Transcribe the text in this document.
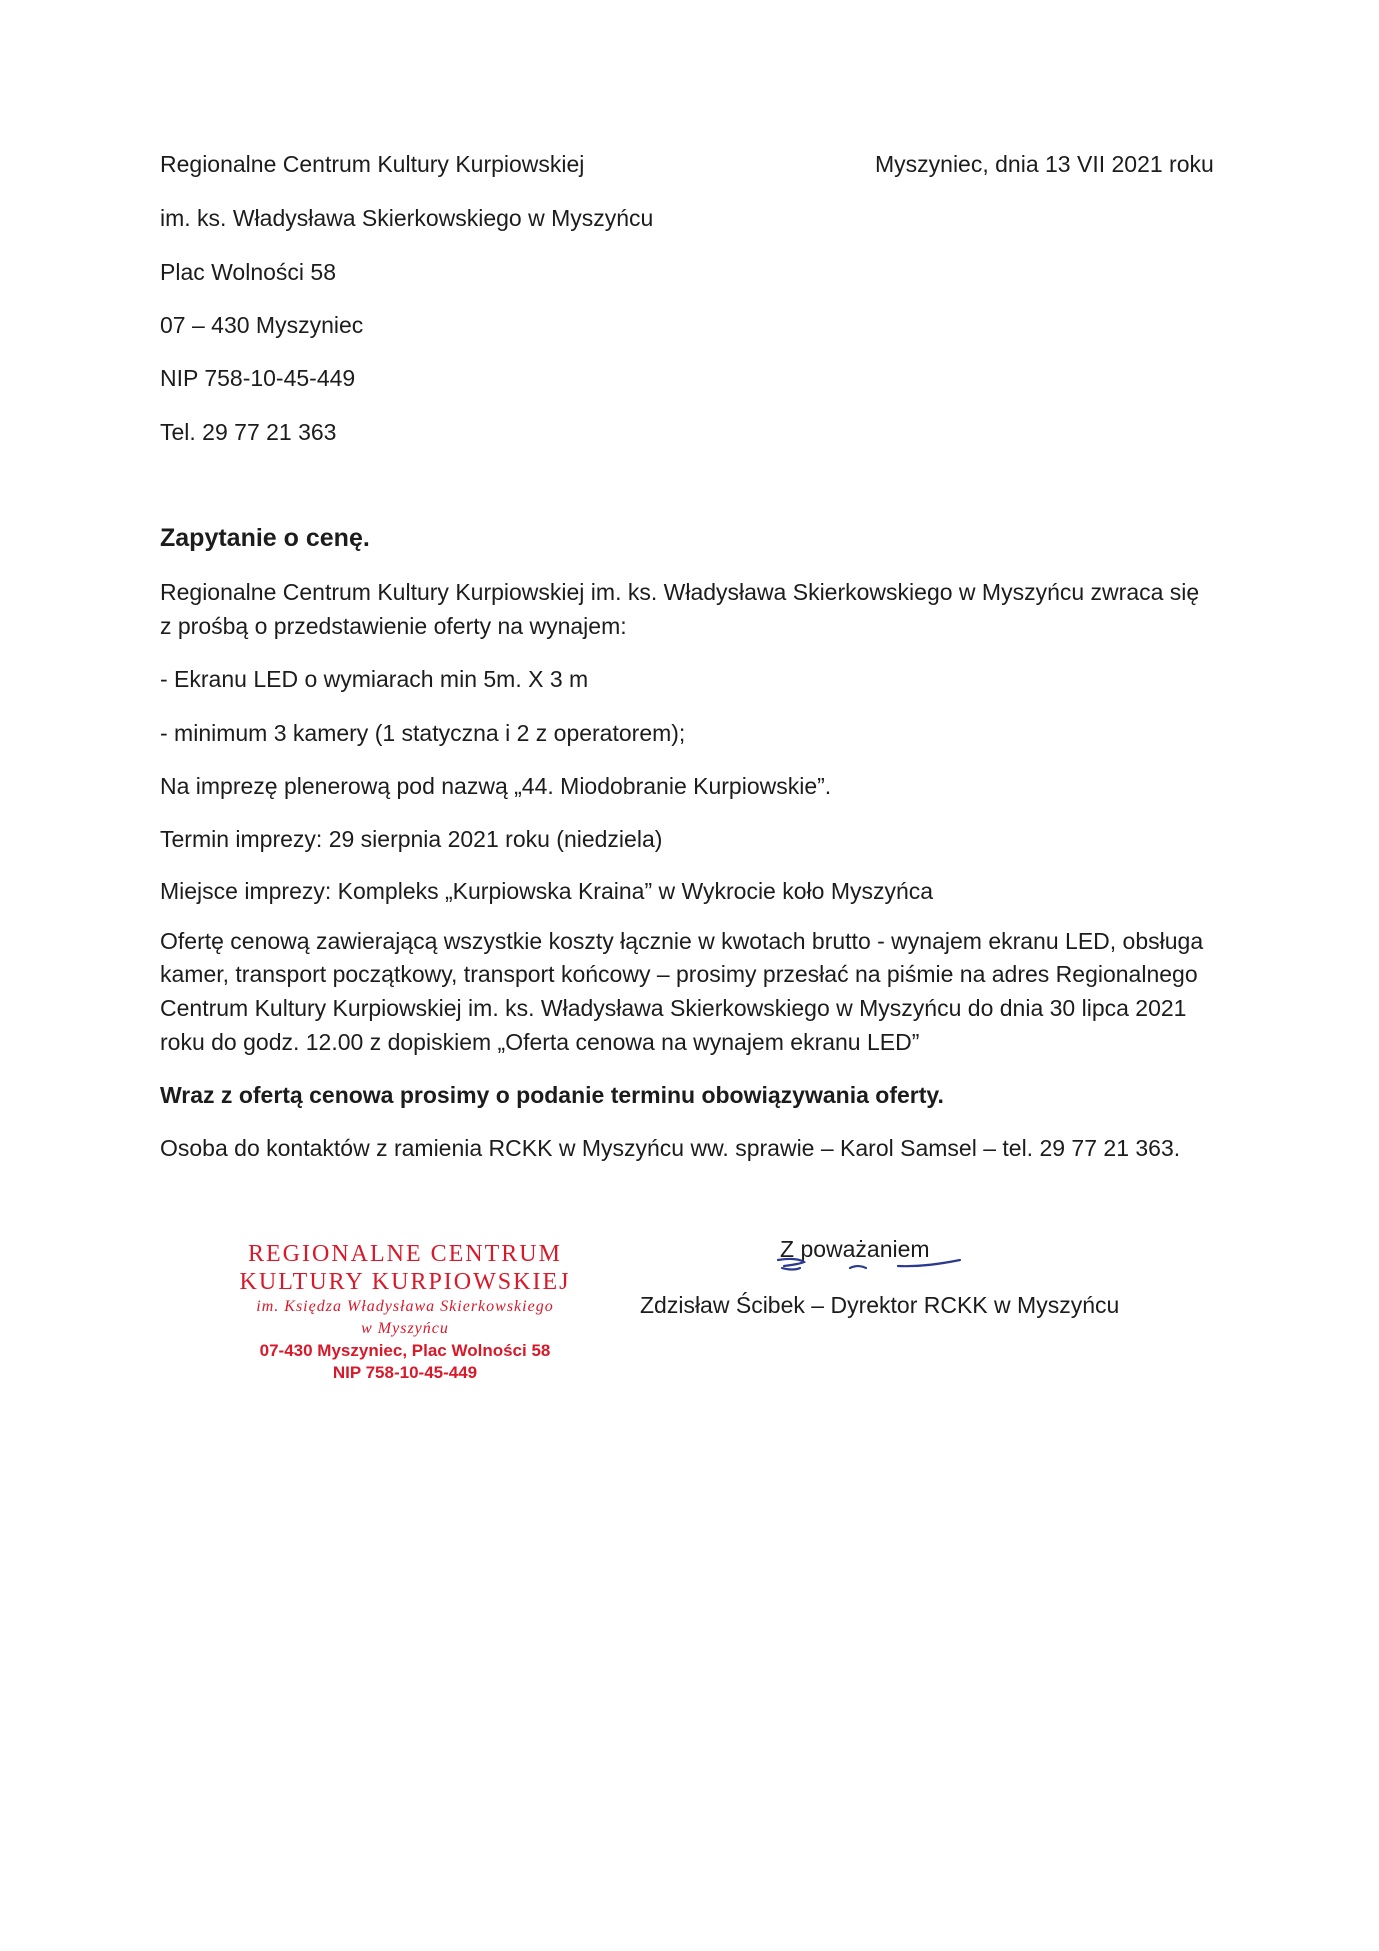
Regionalne Centrum Kultury Kurpiowskiej
im. ks. Władysława Skierkowskiego w Myszyńcu
Plac Wolności 58
07 – 430 Myszyniec
NIP 758-10-45-449
Tel. 29 77 21 363
Myszyniec, dnia 13 VII 2021 roku
Zapytanie o cenę.
Regionalne Centrum Kultury Kurpiowskiej im. ks. Władysława Skierkowskiego w Myszyńcu zwraca się
z prośbą o przedstawienie oferty na wynajem:
- Ekranu LED o wymiarach min 5m. X 3 m
- minimum 3 kamery (1 statyczna i 2 z operatorem);
Na imprezę plenerową pod nazwą „44. Miodobranie Kurpiowskie”.
Termin imprezy: 29 sierpnia 2021 roku (niedziela)
Miejsce imprezy: Kompleks „Kurpiowska Kraina” w Wykrocie koło Myszyńca
Ofertę cenową zawierającą wszystkie koszty łącznie w kwotach brutto - wynajem ekranu LED, obsługa
kamer, transport początkowy, transport końcowy – prosimy przesłać na piśmie na adres Regionalnego
Centrum Kultury Kurpiowskiej im. ks. Władysława Skierkowskiego w Myszyńcu do dnia 30 lipca 2021
roku do godz. 12.00 z dopiskiem „Oferta cenowa na wynajem ekranu LED”
Wraz z ofertą cenowa prosimy o podanie terminu obowiązywania oferty.
Osoba do kontaktów z ramienia RCKK w Myszyńcu ww. sprawie – Karol Samsel – tel. 29 77 21 363.
REGIONALNE CENTRUM
KULTURY KURPIOWSKIEJ
im. Księdza Władysława Skierkowskiego
w Myszyńcu
07-430 Myszyniec, Plac Wolności 58
NIP 758-10-45-449
Z poważaniem
Zdzisław Ścibek – Dyrektor RCKK w Myszyńcu
